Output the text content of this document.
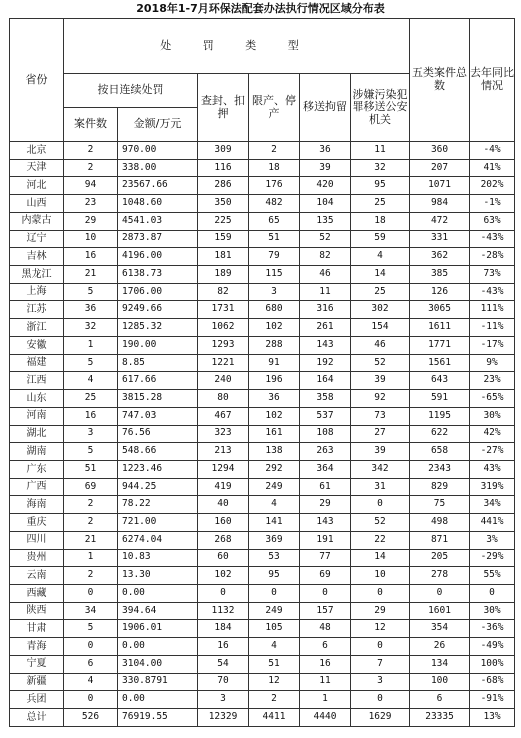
2018年1-7月环保法配套办法执行情况区域分布表
省份	处 罚 类 型						五类案件总数	去年同比情况
	按日连续处罚		查封、扣押	限产、停产	移送拘留	涉嫌污染犯罪移送公安机关		
	案件数	金额/万元						
北京	2	970.00	309	2	36	11	360	-4%
天津	2	338.00	116	18	39	32	207	41%
河北	94	23567.66	286	176	420	95	1071	202%
山西	23	1048.60	350	482	104	25	984	-1%
内蒙古	29	4541.03	225	65	135	18	472	63%
辽宁	10	2873.87	159	51	52	59	331	-43%
吉林	16	4196.00	181	79	82	4	362	-28%
黑龙江	21	6138.73	189	115	46	14	385	73%
上海	5	1706.00	82	3	11	25	126	-43%
江苏	36	9249.66	1731	680	316	302	3065	111%
浙江	32	1285.32	1062	102	261	154	1611	-11%
安徽	1	190.00	1293	288	143	46	1771	-17%
福建	5	8.85	1221	91	192	52	1561	9%
江西	4	617.66	240	196	164	39	643	23%
山东	25	3815.28	80	36	358	92	591	-65%
河南	16	747.03	467	102	537	73	1195	30%
湖北	3	76.56	323	161	108	27	622	42%
湖南	5	548.66	213	138	263	39	658	-27%
广东	51	1223.46	1294	292	364	342	2343	43%
广西	69	944.25	419	249	61	31	829	319%
海南	2	78.22	40	4	29	0	75	34%
重庆	2	721.00	160	141	143	52	498	441%
四川	21	6274.04	268	369	191	22	871	3%
贵州	1	10.83	60	53	77	14	205	-29%
云南	2	13.30	102	95	69	10	278	55%
西藏	0	0.00	0	0	0	0	0	0
陕西	34	394.64	1132	249	157	29	1601	30%
甘肃	5	1906.01	184	105	48	12	354	-36%
青海	0	0.00	16	4	6	0	26	-49%
宁夏	6	3104.00	54	51	16	7	134	100%
新疆	4	330.8791	70	12	11	3	100	-68%
兵团	0	0.00	3	2	1	0	6	-91%
总计	526	76919.55	12329	4411	4440	1629	23335	13%
